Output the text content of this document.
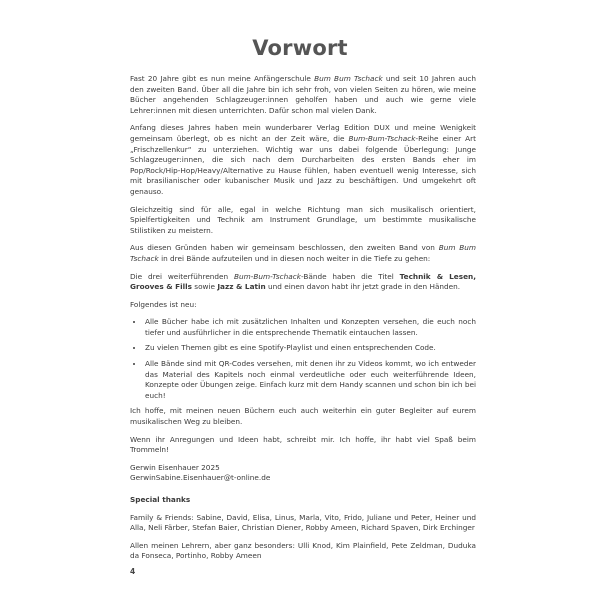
Vorwort

Fast 20 Jahre gibt es nun meine Anfängerschule Bum Bum Tschack und seit 10 Jahren auch den zweiten Band. Über all die Jahre bin ich sehr froh, von vielen Seiten zu hören, wie meine Bücher angehenden Schlagzeuger:innen geholfen haben und auch wie gerne viele Lehrer:innen mit diesen unterrichten. Dafür schon mal vielen Dank.

Anfang dieses Jahres haben mein wunderbarer Verlag Edition DUX und meine Wenigkeit gemeinsam überlegt, ob es nicht an der Zeit wäre, die Bum-Bum-Tschack-Reihe einer Art „Frischzellenkur“ zu unterziehen. Wichtig war uns dabei folgende Überlegung: Junge Schlagzeuger:innen, die sich nach dem Durcharbeiten des ersten Bands eher im Pop/Rock/Hip-Hop/Heavy/Alternative zu Hause fühlen, haben eventuell wenig Interesse, sich mit brasilianischer oder kubanischer Musik und Jazz zu beschäftigen. Und umgekehrt oft genauso.

Gleichzeitig sind für alle, egal in welche Richtung man sich musikalisch orientiert, Spielfertigkeiten und Technik am Instrument Grundlage, um bestimmte musikalische Stilistiken zu meistern.

Aus diesen Gründen haben wir gemeinsam beschlossen, den zweiten Band von Bum Bum Tschack in drei Bände aufzuteilen und in diesen noch weiter in die Tiefe zu gehen:

Die drei weiterführenden Bum-Bum-Tschack-Bände haben die Titel Technik & Lesen, Grooves & Fills sowie Jazz & Latin und einen davon habt ihr jetzt grade in den Händen.

Folgendes ist neu:

• Alle Bücher habe ich mit zusätzlichen Inhalten und Konzepten versehen, die euch noch tiefer und ausführlicher in die entsprechende Thematik eintauchen lassen.
• Zu vielen Themen gibt es eine Spotify-Playlist und einen entsprechenden Code.
• Alle Bände sind mit QR-Codes versehen, mit denen ihr zu Videos kommt, wo ich entweder das Material des Kapitels noch einmal verdeutliche oder euch weiterführende Ideen, Konzepte oder Übungen zeige. Einfach kurz mit dem Handy scannen und schon bin ich bei euch!

Ich hoffe, mit meinen neuen Büchern euch auch weiterhin ein guter Begleiter auf eurem musikalischen Weg zu bleiben.

Wenn ihr Anregungen und Ideen habt, schreibt mir. Ich hoffe, ihr habt viel Spaß beim Trommeln!

Gerwin Eisenhauer 2025
GerwinSabine.Eisenhauer@t-online.de

Special thanks

Family & Friends: Sabine, David, Elisa, Linus, Marla, Vito, Frido, Juliane und Peter, Heiner und Alla, Neli Färber, Stefan Baier, Christian Diener, Robby Ameen, Richard Spaven, Dirk Erchinger

Allen meinen Lehrern, aber ganz besonders: Ulli Knod, Kim Plainfield, Pete Zeldman, Duduka da Fonseca, Portinho, Robby Ameen

4
